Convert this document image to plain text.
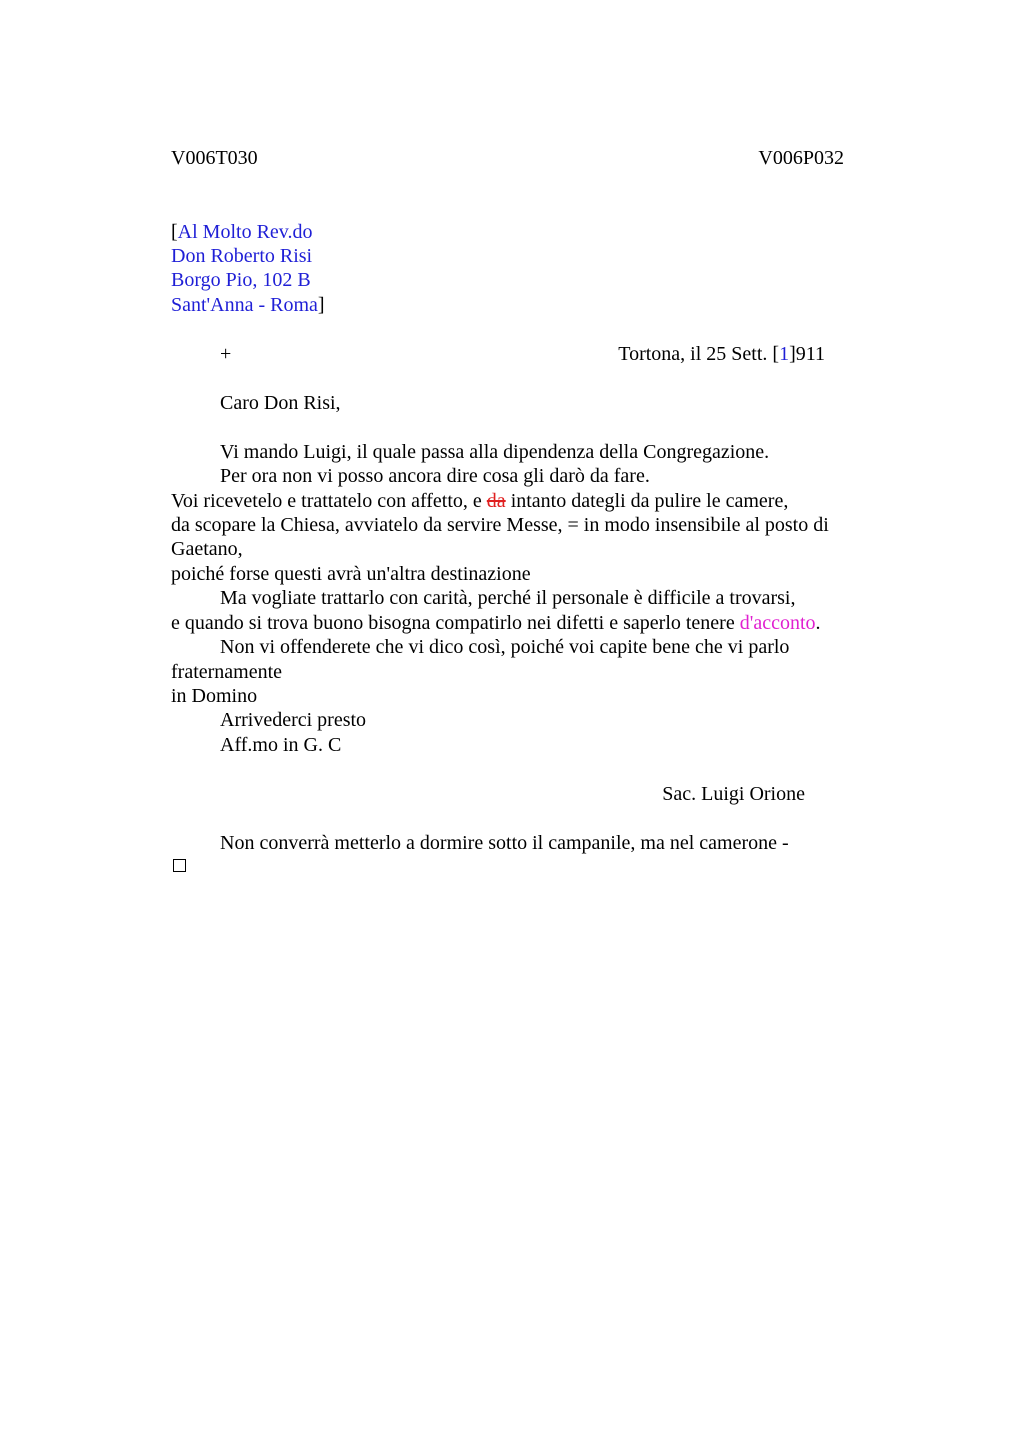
V006T030	V006P032
[Al Molto Rev.do
Don Roberto Risi
Borgo Pio, 102 B
Sant'Anna - Roma]
+	Tortona, il 25 Sett. [1]911
Caro Don Risi,
Vi mando Luigi, il quale passa alla dipendenza della Congregazione.
Per ora non vi posso ancora dire cosa gli darò da fare.
Voi ricevetelo e trattatelo con affetto, e da intanto dategli da pulire le camere,
da scopare la Chiesa, avviatelo da servire Messe, = in modo insensibile al posto di
Gaetano,
poiché forse questi avrà un'altra destinazione
Ma vogliate trattarlo con carità, perché il personale è difficile a trovarsi,
e quando si trova buono bisogna compatirlo nei difetti e saperlo tenere d'acconto.
Non vi offenderete che vi dico così, poiché voi capite bene che vi parlo
fraternamente
in Domino
Arrivederci presto
Aff.mo in G. C
Sac. Luigi Orione
Non converrà metterlo a dormire sotto il campanile, ma nel camerone -
